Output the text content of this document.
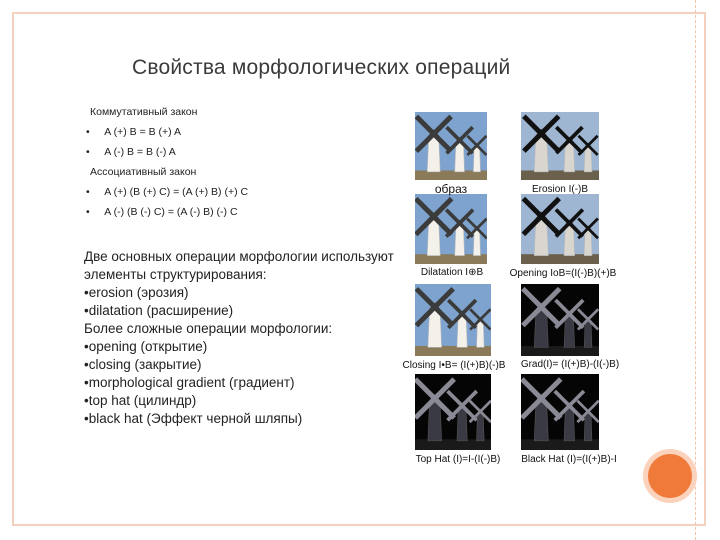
Свойства морфологических операций
Коммутативный закон
•     A (+) B = B (+) A
•     A (-) B = B (-) A
Ассоциативный закон
•     A (+) (B (+) C) = (A (+) B) (+) C
•     A (-) (B (-) C) = (A (-) B) (-) C
Две основных операции морфологии используют
элементы структурирования:
•erosion (эрозия)
•dilatation (расширение)
Более сложные операции морфологии:
•opening (открытие)
•closing (закрытие)
•morphological gradient (градиент)
•top hat (цилиндр)
•black hat (Эффект черной шляпы)
образ	Erosion I(-)B
Dilatation I⊕B	Opening IoB=(I(-)B)(+)B
Closing I•B= (I(+)B)(-)B	Grad(I)= (I(+)B)-(I(-)B)
Top Hat (I)=I-(I(-)B)	Black Hat (I)=(I(+)B)-I
